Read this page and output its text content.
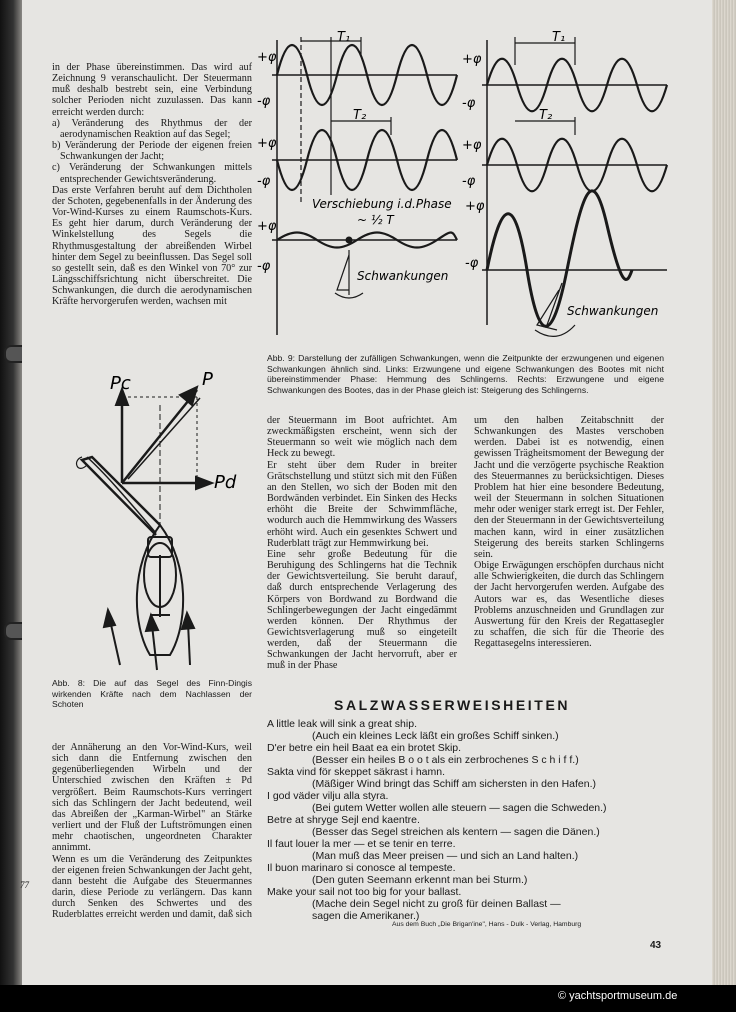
in der Phase übereinstimmen. Das wird auf Zeichnung 9 veranschaulicht. Der Steuermann muß deshalb bestrebt sein, eine Verbindung solcher Perioden nicht zuzulassen. Das kann erreicht werden durch:

a) Veränderung des Rhythmus der der aerodynamischen Reaktion auf das Segel;

b) Veränderung der Periode der eigenen freien Schwankungen der Jacht;

c) Veränderung der Schwankungen mittels entsprechender Gewichtsveränderung.

Das erste Verfahren beruht auf dem Dichtholen der Schoten, gegebenenfalls in der Änderung des Vor-Wind-Kurses zu einem Raumschots-Kurs. Es geht hier darum, durch Veränderung der Winkelstellung des Segels die Rhythmusgestaltung der abreißenden Wirbel hinter dem Segel zu beeinflussen. Das Segel soll so gestellt sein, daß es den Winkel von 70° zur Längsschiffsrichtung nicht überschreitet. Die Schwankungen, die durch die aerodynamischen Kräfte hervorgerufen werden, wachsen mit

Pc	P
Pd
Abb. 8: Die auf das Segel des Finn-Dingis wirkenden Kräfte nach dem Nachlassen der Schoten

der Annäherung an den Vor-Wind-Kurs, weil sich dann die Entfernung zwischen den gegenüberliegenden Wirbeln und der Unterschied zwischen den Kräften ± Pd vergrößert. Beim Raumschots-Kurs verringert sich das Schlingern der Jacht bedeutend, weil das Abreißen der „Karman-Wirbel" an Stärke verliert und der Fluß der Luftströmungen einen mehr chaotischen, ungeordneten Charakter annimmt.

Wenn es um die Veränderung des Zeitpunktes der eigenen freien Schwankungen der Jacht geht, dann besteht die Aufgabe des Steuermannes darin, diese Periode zu verlängern. Das kann durch Senken des Schwertes und des Ruderblattes erreicht werden und damit, daß sich

+φ
-φ
+φ
-φ
+φ
-φ
T₁
T₂
Verschiebung i.d.Phase
~ ½ T
Schwankungen
+φ
-φ
+φ
-φ
+φ
-φ
T₁
T₂
Schwankungen
Abb. 9: Darstellung der zufälligen Schwankungen, wenn die Zeitpunkte der erzwungenen und eigenen Schwankungen ähnlich sind. Links: Erzwungene und eigene Schwankungen des Bootes mit nicht übereinstimmender Phase: Hemmung des Schlingerns. Rechts: Erzwungene und eigene Schwankungen des Bootes, das in der Phase gleich ist: Steigerung des Schlingerns.

der Steuermann im Boot aufrichtet. Am zweckmäßigsten erscheint, wenn sich der Steuermann so weit wie möglich nach dem Heck zu bewegt.

Er steht über dem Ruder in breiter Grätschstellung und stützt sich mit den Füßen an den Stellen, wo sich der Boden mit den Bordwänden verbindet. Ein Sinken des Hecks erhöht die Breite der Schwimmfläche, wodurch auch die Hemmwirkung des Wassers erhöht wird. Auch ein gesenktes Schwert und Ruderblatt trägt zur Hemmwirkung bei.

Eine sehr große Bedeutung für die Beruhigung des Schlingerns hat die Technik der Gewichtsverteilung. Sie beruht darauf, daß durch entsprechende Verlagerung des Körpers von Bordwand zu Bordwand die Schlingerbewegungen der Jacht eingedämmt werden können. Der Rhythmus der Gewichtsverlagerung muß so eingeteilt werden, daß der Steuermann die Schwankungen der Jacht hervorruft, aber er muß in der Phase

um den halben Zeitabschnitt der Schwankungen des Mastes verschoben werden. Dabei ist es notwendig, einen gewissen Trägheitsmoment der Bewegung der Jacht und die verzögerte psychische Reaktion des Steuermannes zu berücksichtigen. Dieses Problem hat hier eine besondere Bedeutung, weil der Steuermann in solchen Situationen mehr oder weniger stark erregt ist. Der Fehler, den der Steuermann in der Gewichtsverteilung machen kann, wird in einer zusätzlichen Steigerung des bereits starken Schlingerns sein.

Obige Erwägungen erschöpfen durchaus nicht alle Schwierigkeiten, die durch das Schlingern der Jacht hervorgerufen werden. Aufgabe des Autors war es, das Wesentliche dieses Problems anzuschneiden und Grundlagen zur Auswertung für den Kreis der Regattasegler zu schaffen, die sich für die Theorie des Regattasegelns interessieren.

SALZWASSERWEISHEITEN
A little leak will sink a great ship.
(Auch ein kleines Leck läßt ein großes Schiff sinken.)
D'er betre ein heil Baat ea ein brotet Skip.
(Besser ein heiles B o o t als ein zerbrochenes S c h i f f.)
Sakta vind för skeppet säkrast i hamn.
(Mäßiger Wind bringt das Schiff am sichersten in den Hafen.)
I god väder vilju alla styra.
(Bei gutem Wetter wollen alle steuern — sagen die Schweden.)
Betre at shryge Sejl end kaentre.
(Besser das Segel streichen als kentern — sagen die Dänen.)
Il faut louer la mer — et se tenir en terre.
(Man muß das Meer preisen — und sich an Land halten.)
Il buon marinaro si conosce al tempeste.
(Den guten Seemann erkennt man bei Sturm.)
Make your sail not too big for your ballast.
(Mache dein Segel nicht zu groß für deinen Ballast —
sagen die Amerikaner.)
Aus dem Buch „Die Brigan'ine", Hans - Dulk - Verlag, Hamburg
43
77
© yachtsportmuseum.de
